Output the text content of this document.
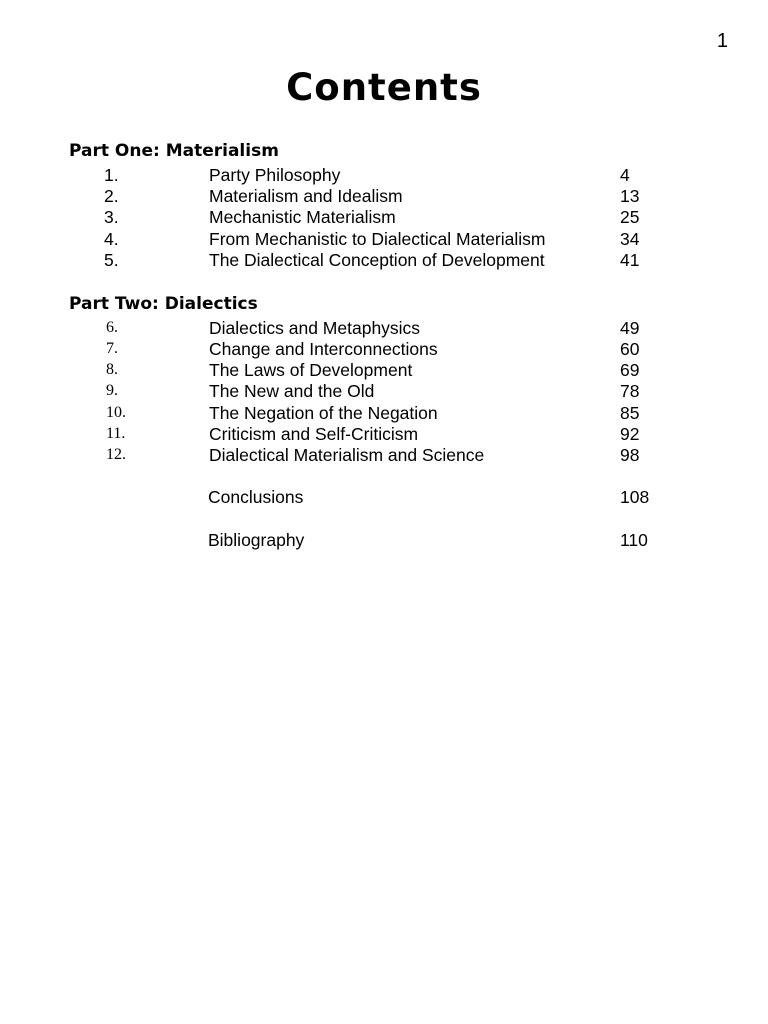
1
Contents
Part One: Materialism
1.	Party Philosophy	4
2.	Materialism and Idealism	13
3.	Mechanistic Materialism	25
4.	From Mechanistic to Dialectical Materialism	34
5.	The Dialectical Conception of Development	41
Part Two: Dialectics
6.	Dialectics and Metaphysics	49
7.	Change and Interconnections	60
8.	The Laws of Development	69
9.	The New and the Old	78
10.	The Negation of the Negation	85
11.	Criticism and Self-Criticism	92
12.	Dialectical Materialism and Science	98
Conclusions	108
Bibliography	110
